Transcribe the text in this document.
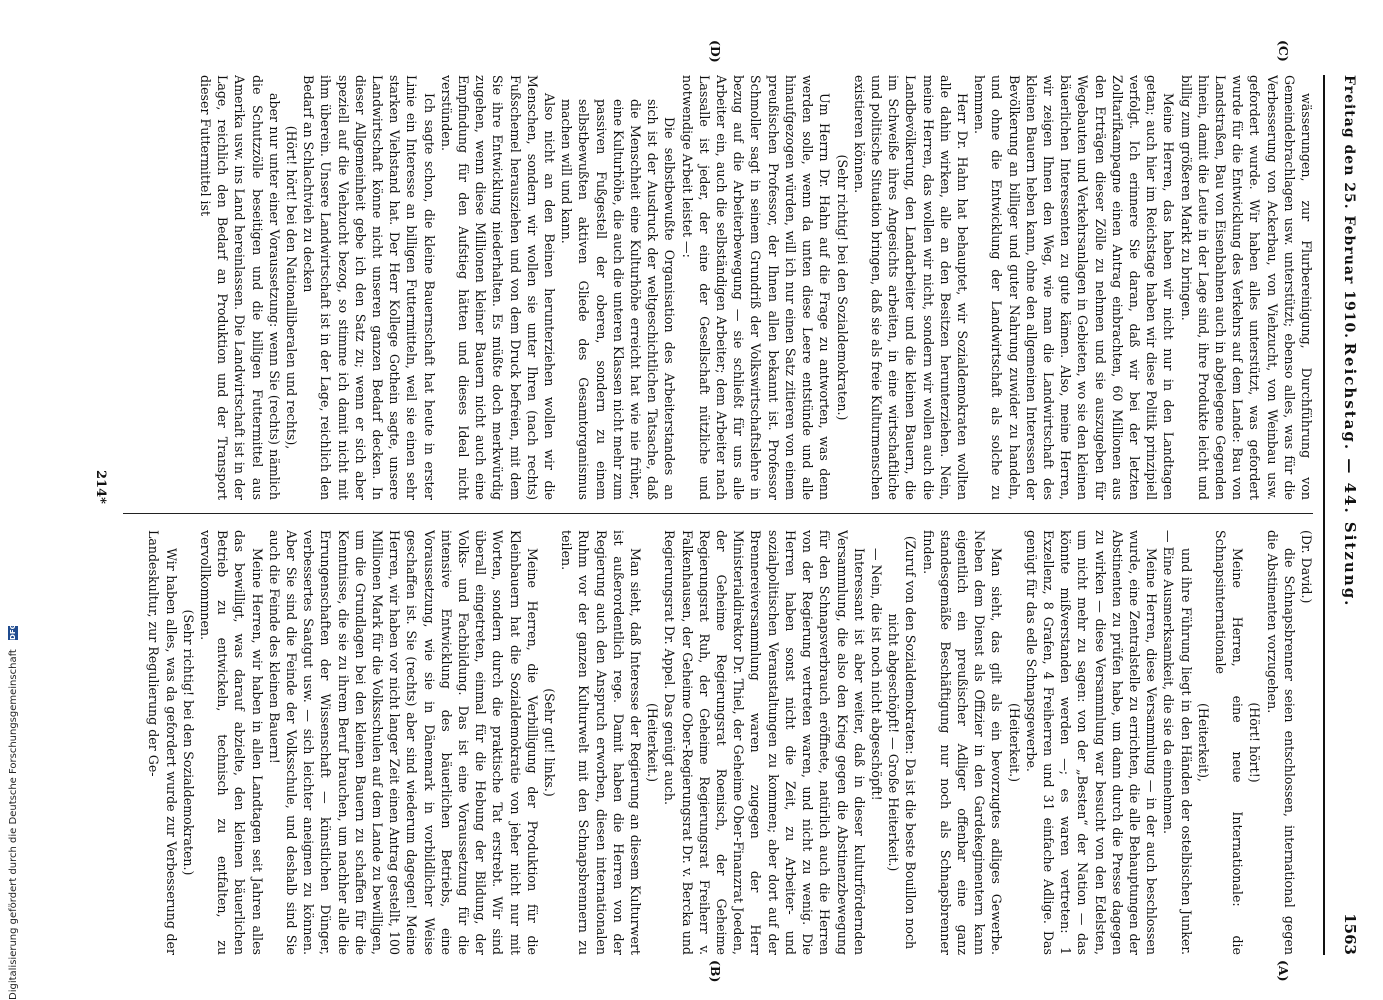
Freitag den 25. Februar 1910.
Reichstag. — 44. Sitzung.
1563
(C)
(D)
(A)
(B)

wässerungen, zur Flurbereinigung, Durchführung von Gemeindebrachlagen usw. unterstützt; ebenso alles, was für die Verbesserung von Ackerbau, von Viehzucht, von Weinbau usw. gefordert wurde. Wir haben alles unterstützt, was gefordert wurde für die Entwicklung des Verkehrs auf dem Lande: Bau von Landstraßen, Bau von Eisenbahnen auch in abgelegene Gegenden hinein, damit die Leute in der Lage sind, ihre Produkte leicht und billig zum größeren Markt zu bringen.

Meine Herren, das haben wir nicht nur in den Landtagen getan; auch hier im Reichstage haben wir diese Politik prinzipiell verfolgt. Ich erinnere Sie daran, daß wir bei der letzten Zolltarifkampagne einen Antrag einbrachten, 60 Millionen aus den Erträgen dieser Zölle zu nehmen und sie auszugeben für Wegebauten und Verkehrsanlagen in Gebieten, wo sie den kleinen bäuerlichen Interessenten zu gute kämen. Also, meine Herren, wir zeigen Ihnen den Weg, wie man die Landwirtschaft des kleinen Bauern heben kann, ohne den allgemeinen Interessen der Bevölkerung an billiger und guter Nahrung zuwider zu handeln, und ohne die Entwicklung der Landwirtschaft als solche zu hemmen.

Herr Dr. Hahn hat behauptet, wir Sozialdemokraten wollten alle dahin wirken, alle an den Besitzen herunterziehen. Nein, meine Herren, das wollen wir nicht, sondern wir wollen auch die Landbevölkerung, den Landarbeiter und die kleinen Bauern, die im Schweiße ihres Angesichts arbeiten, in eine wirtschaftliche und politische Situation bringen, daß sie als freie Kulturmenschen existieren können.

(Sehr richtig! bei den Sozialdemokraten.)

Um Herrn Dr. Hahn auf die Frage zu antworten, was denn werden solle, wenn da unten diese Leere entstünde und alle hinaufgezogen würden, will ich nur einen Satz zitieren von einem preußischen Professor, der Ihnen allen bekannt ist. Professor Schmoller sagt in seinem Grundriß der Volkswirtschaftslehre in bezug auf die Arbeiterbewegung — sie schließt für uns alle Arbeiter ein, auch die selbständigen Arbeiter; dem Arbeiter nach Lassalle ist jeder, der eine der Gesellschaft nützliche und notwendige Arbeit leistet —:

Die selbstbewußte Organisation des Arbeiterstandes an sich ist der Ausdruck der weltgeschichtlichen Tatsache, daß die Menschheit eine Kulturhöhe erreicht hat wie nie früher, eine Kulturhöhe, die auch die unteren Klassen nicht mehr zum passiven Fußgestell der oberen, sondern zu einem selbstbewußten aktiven Gliede des Gesamtorganismus machen will und kann.

Also nicht an den Beinen herunterziehen wollen wir die Menschen, sondern wir wollen sie unter Ihren (nach rechts) Fußschemel herausziehen und von dem Druck befreien, mit dem Sie ihre Entwicklung niederhalten. Es müßte doch merkwürdig zugehen, wenn diese Millionen kleiner Bauern nicht auch eine Empfindung für den Aufstieg hätten und dieses Ideal nicht verstünden.

Ich sagte schon, die kleine Bauernschaft hat heute in erster Linie ein Interesse an billigen Futtermitteln, weil sie einen sehr starken Viehstand hat. Der Herr Kollege Gothein sagte, unsere Landwirtschaft könne nicht unseren ganzen Bedarf decken. In dieser Allgemeinheit gebe ich den Satz zu; wenn er sich aber speziell auf die Viehzucht bezog, so stimme ich damit nicht mit ihm überein. Unsere Landwirtschaft ist in der Lage, reichlich den Bedarf an Schlachtvieh zu decken

(Hört! hört! bei den Nationalliberalen und rechts),

aber nur unter einer Voraussetzung: wenn Sie (rechts) nämlich die Schutzzölle beseitigen und die billigen Futtermittel aus Amerika usw. ins Land hereinlassen. Die Landwirtschaft ist in der Lage, reichlich den Bedarf an Produktion und der Transport dieser Futtermittel ist

(Dr. David.)

die Schnapsbrenner seien entschlossen, international gegen die Abstinenten vorzugehen.

(Hört! hört!)

Meine Herren, eine neue Internationale: die Schnapsinternationale

(Heiterkeit),

und ihre Führung liegt in den Händen der ostelbischen Junker. — Eine Ausmerksamkeit, die sie da einnehmen.

Meine Herren, diese Versammlung — in der auch beschlossen wurde, eine Zentralstelle zu errichten, die alle Behauptungen der Abstinenten zu prüfen habe, um dann durch die Presse dagegen zu wirken — diese Versammlung war besucht von den Edelsten, um nicht mehr zu sagen: von der „Besten“ der Nation — das könnte mißverstanden werden —; es waren vertreten: 1 Exzellenz, 8 Grafen, 4 Freiherren und 31 einfache Adlige. Das genügt für das edle Schnapsgewerbe.

(Heiterkeit.)

Man sieht, das gilt als ein bevorzugtes adliges Gewerbe. Neben dem Dienst als Offizier in den Gardekegimentern kann eigentlich ein preußischer Adliger offenbar eine ganz standesgemäße Beschäftigung nur noch als Schnapsbrenner finden.

(Zuruf von den Sozialdemokraten: Da ist die beste Bouillon noch nicht abgeschöpft! — Große Heiterkeit.)

— Nein, die ist noch nicht abgeschöpft!

Interessant ist aber weiter, daß in dieser kulturfördernden Versammlung, die also den Krieg gegen die Abstinenzbewegung für den Schnapsverbrauch eröffnete, natürlich auch die Herren von der Regierung vertreten waren, und nicht zu wenig. Die Herren haben sonst nicht die Zeit, zu Arbeiter- und sozialpolitischen Veranstaltungen zu kommen; aber dort auf der Brennereiversammlung waren zugegen der Herr Ministerialdirektor Dr. Thiel, der Geheime Ober-Finanzrat Joeden, der Geheime Regierungsrat Roenisch, der Geheime Regierungsrat Ruh, der Geheime Regierungsrat Freiherr v. Falkenhausen, der Geheime Ober-Regierungsrat Dr. v. Bercka und Regierungsrat Dr. Appel. Das genügt auch.

(Heiterkeit.)

Man sieht, daß Interesse der Regierung an diesem Kulturwert ist außerordentlich rege. Damit haben die Herren von der Regierung auch den Anspruch erworben, diesen internationalen Ruhm vor der ganzen Kulturwelt mit den Schnapsbrennern zu teilen.

(Sehr gut! links.)

Meine Herren, die Verbilligung der Produktion für die Kleinbauern hat die Sozialdemokratie von jeher nicht nur mit Worten, sondern durch die praktische Tat erstrebt. Wir sind überall eingetreten, einmal für die Hebung der Bildung, der Volks- und Fachbildung. Das ist eine Voraussetzung für die intensive Entwicklung des bäuerlichen Betriebs, eine Voraussetzung, wie sie in Dänemark in vorbildlicher Weise geschaffen ist. Sie (rechts) aber sind wiederum dagegen! Meine Herren, wir haben vor nicht langer Zeit einen Antrag gestellt, 100 Millionen Mark für die Volksschulen auf dem Lande zu bewilligen, um die Grundlagen bei den kleinen Bauern zu schaffen für die Kenntnisse, die sie zu ihrem Beruf brauchen, um nachher alle die Errungenschaften der Wissenschaft — künstlichen Dünger, verbessertes Saatgut usw. — sich leichter aneignen zu können. Aber Sie sind die Feinde der Volksschule, und deshalb sind Sie auch die Feinde des kleinen Bauern!

Meine Herren, wir haben in allen Landtagen seit Jahren alles das bewilligt, was darauf abzielte, den kleinen bäuerlichen Betrieb zu entwickeln, technisch zu entfalten, zu vervollkommnen.

(Sehr richtig! bei den Sozialdemokraten.)

Wir haben alles, was da gefordert wurde zur Verbesserung der Landeskultur, zur Regulierung der Ge-

214*
Digitalisierung gefördert durch die Deutsche Forschungsgemeinschaft DFG
